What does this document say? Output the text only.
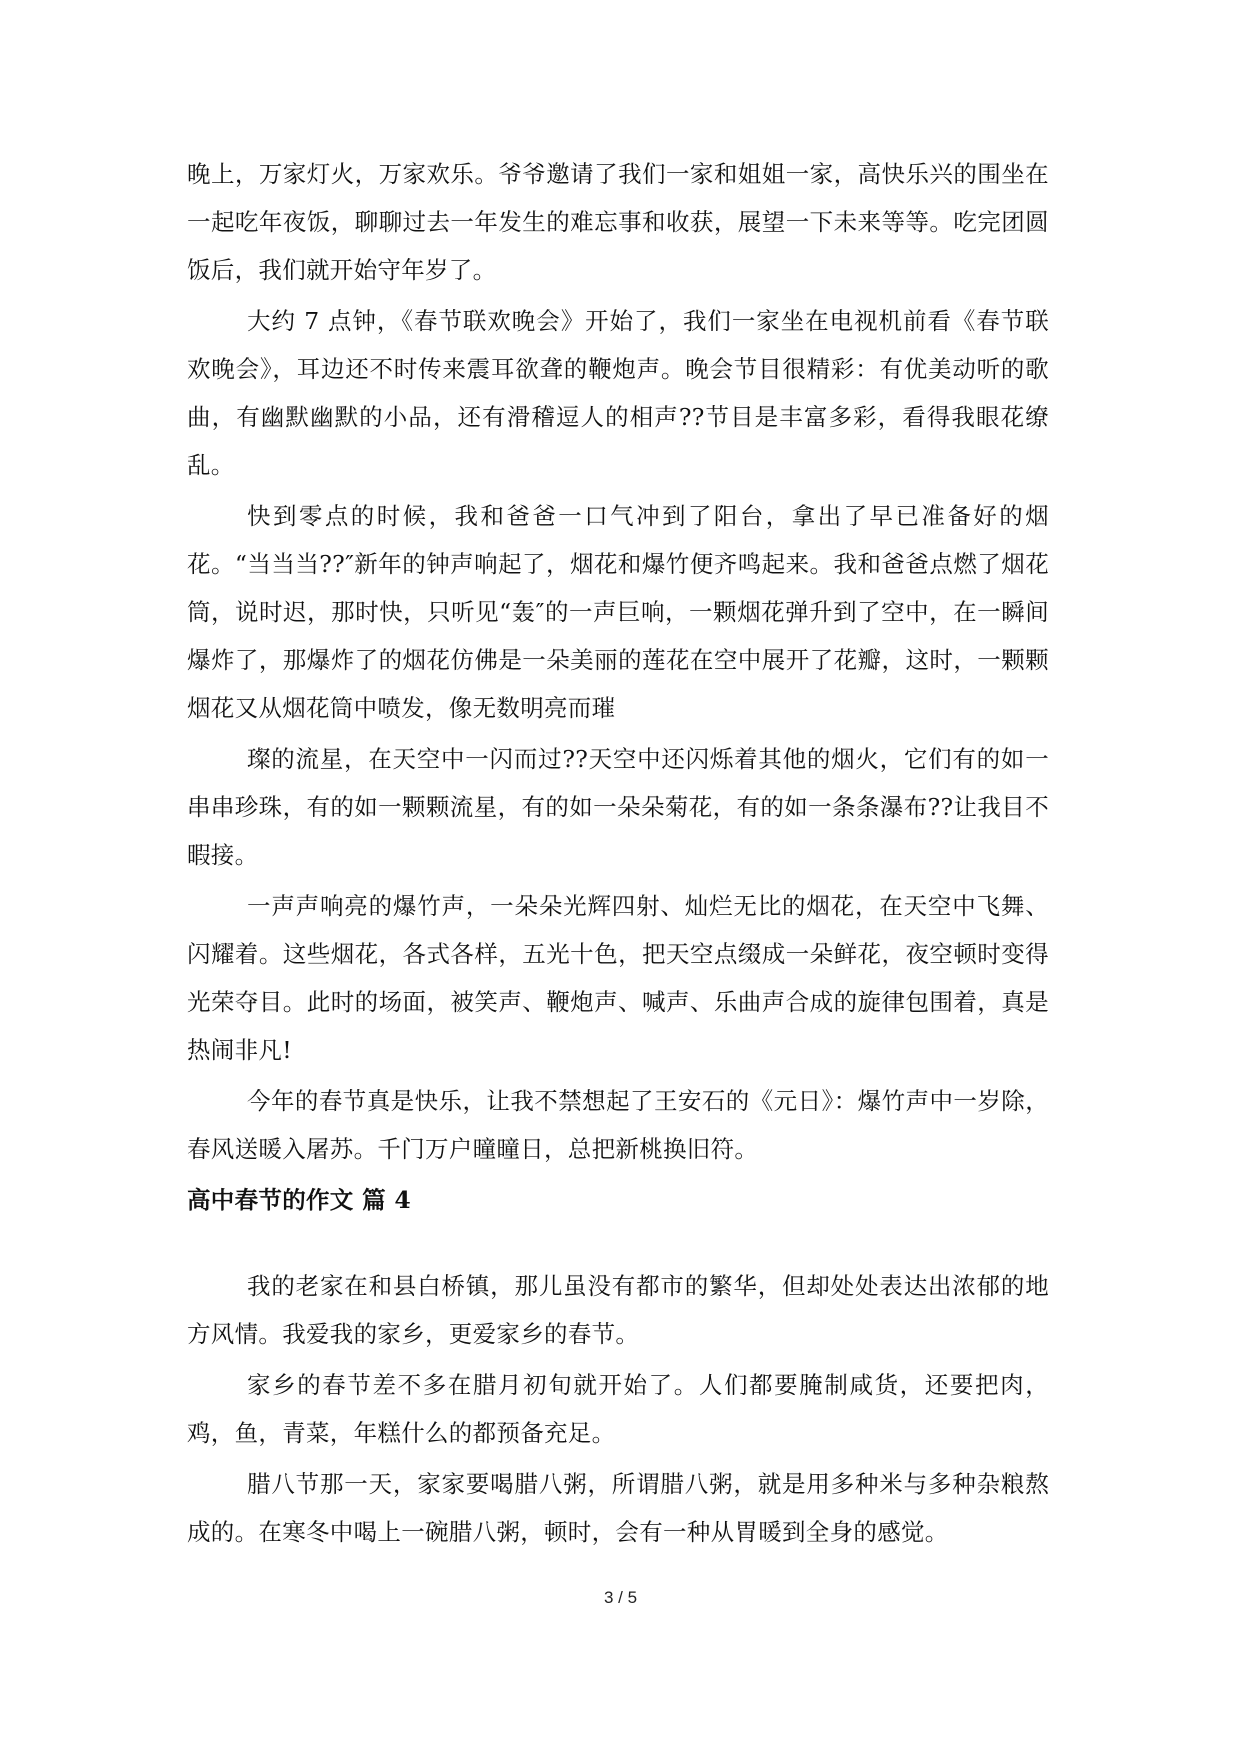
晚上，万家灯火，万家欢乐。爷爷邀请了我们一家和姐姐一家，高快乐兴的围坐在一起吃年夜饭，聊聊过去一年发生的难忘事和收获，展望一下未来等等。吃完团圆饭后，我们就开始守年岁了。

大约 7 点钟，《春节联欢晚会》开始了，我们一家坐在电视机前看《春节联欢晚会》，耳边还不时传来震耳欲聋的鞭炮声。晚会节目很精彩：有优美动听的歌曲，有幽默幽默的小品，还有滑稽逗人的相声??节目是丰富多彩，看得我眼花缭乱。

快到零点的时候，我和爸爸一口气冲到了阳台，拿出了早已准备好的烟花。“当当当??″新年的钟声响起了，烟花和爆竹便齐鸣起来。我和爸爸点燃了烟花筒，说时迟，那时快，只听见“轰″的一声巨响，一颗烟花弹升到了空中，在一瞬间爆炸了，那爆炸了的烟花仿佛是一朵美丽的莲花在空中展开了花瓣，这时，一颗颗烟花又从烟花筒中喷发，像无数明亮而璀

璨的流星，在天空中一闪而过??天空中还闪烁着其他的烟火，它们有的如一串串珍珠，有的如一颗颗流星，有的如一朵朵菊花，有的如一条条瀑布??让我目不暇接。

一声声响亮的爆竹声，一朵朵光辉四射、灿烂无比的烟花，在天空中飞舞、闪耀着。这些烟花，各式各样，五光十色，把天空点缀成一朵鲜花，夜空顿时变得光荣夺目。此时的场面，被笑声、鞭炮声、喊声、乐曲声合成的旋律包围着，真是热闹非凡!

今年的春节真是快乐，让我不禁想起了王安石的《元日》：爆竹声中一岁除，春风送暖入屠苏。千门万户曈曈日，总把新桃换旧符。

高中春节的作文 篇 4

我的老家在和县白桥镇，那儿虽没有都市的繁华，但却处处表达出浓郁的地方风情。我爱我的家乡，更爱家乡的春节。

家乡的春节差不多在腊月初旬就开始了。人们都要腌制咸货，还要把肉，鸡，鱼，青菜，年糕什么的都预备充足。

腊八节那一天，家家要喝腊八粥，所谓腊八粥，就是用多种米与多种杂粮熬成的。在寒冬中喝上一碗腊八粥，顿时，会有一种从胃暖到全身的感觉。

3 / 5
